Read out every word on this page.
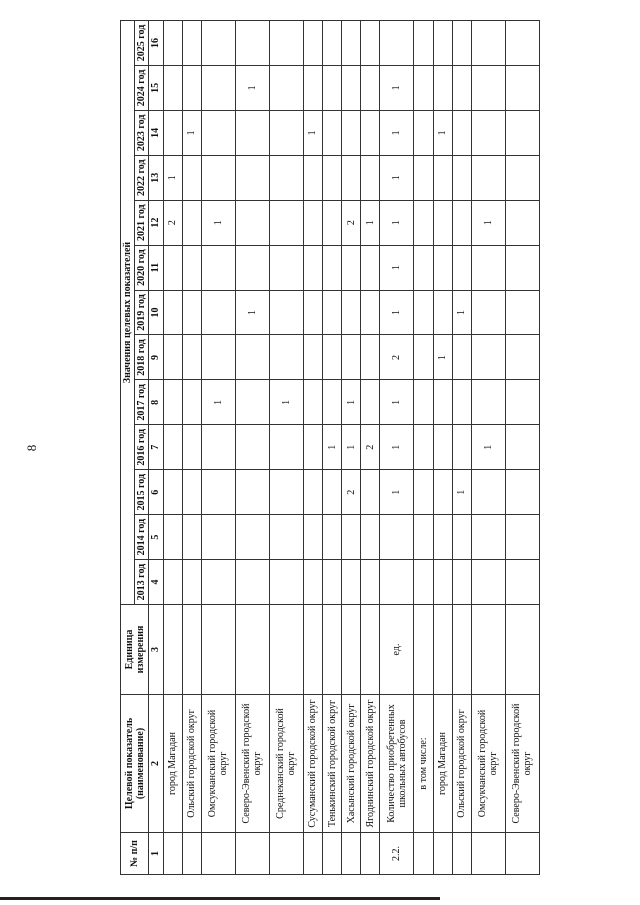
8
№ п/п	Целевой показатель (наименование)	Единица измерения	Значения целевых показателей												
			2013 год	2014 год	2015 год	2016 год	2017 год	2018 год	2019 год	2020 год	2021 год	2022 год	2023 год	2024 год	2025 год
1	2	3	4	5	6	7	8	9	10	11	12	13	14	15	16
	город Магадан										2	1			
	Ольский городской округ												1		
	Омсукчанский городской округ						1				1				
	Северо-Эвенский городской округ								1					1	
	Среднеканский городской округ						1								
	Сусуманский городской округ												1		
	Тенькинский городской округ					1									
	Хасынский городской округ				2	1	1				2				
	Ягоднинский городской округ					2					1				
2.2.	Количество приобретенных школьных автобусов	ед.			1	1	1	2	1	1	1	1	1	1	
	в том числе:														
	город Магадан							1					1		
	Ольский городской округ				1				1						
	Омсукчанский городской округ					1					1				
	Северо-Эвенский городской округ														
